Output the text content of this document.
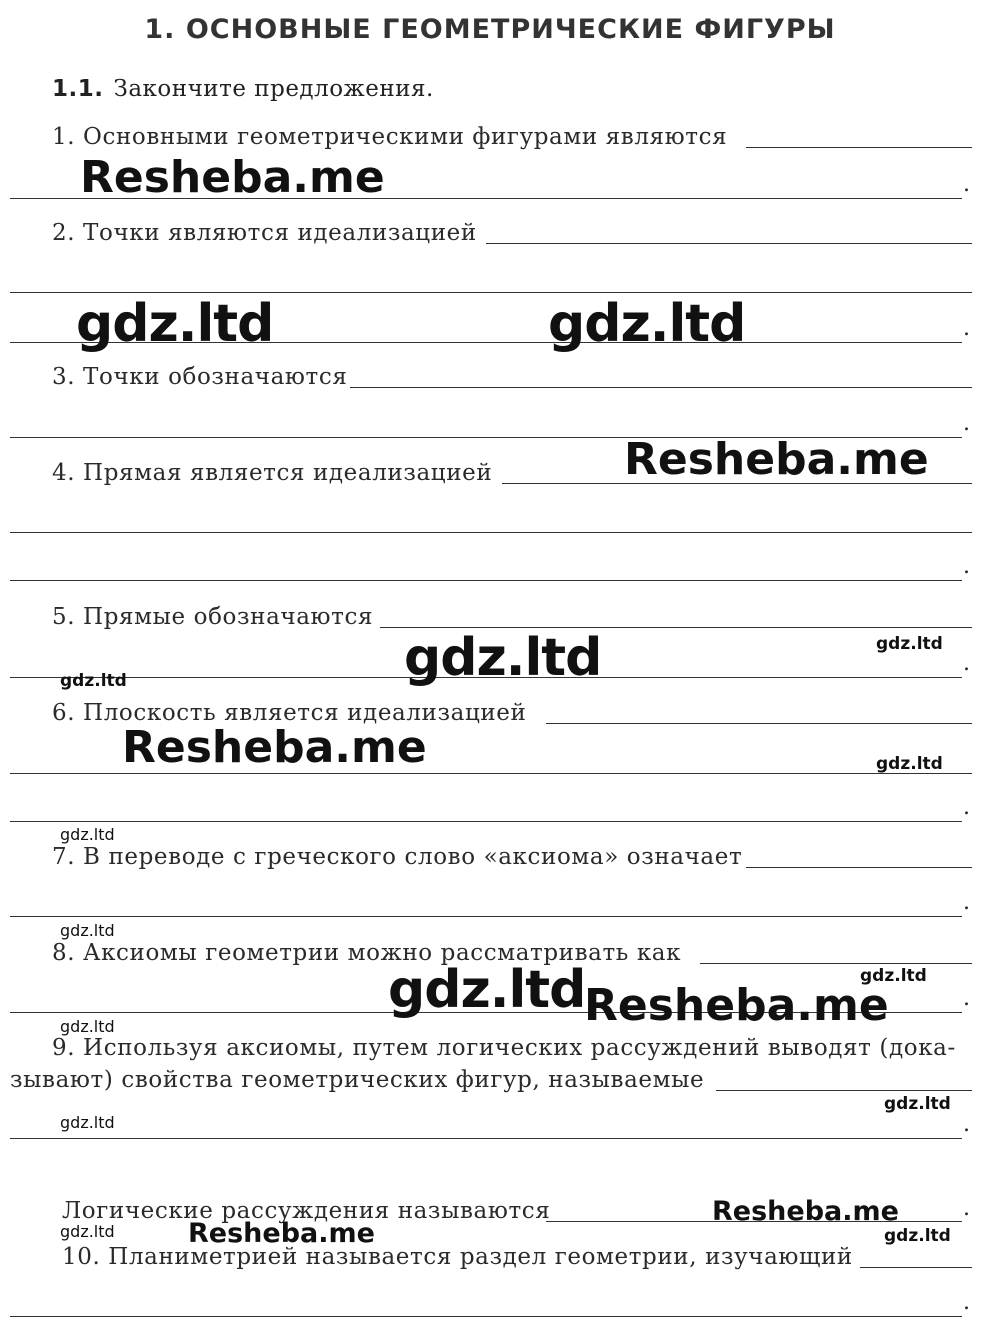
1. ОСНОВНЫЕ ГЕОМЕТРИЧЕСКИЕ ФИГУРЫ
1.1. Закончите предложения.
1. Основными геометрическими фигурами являются
.
2. Точки являются идеализацией
.
3. Точки обозначаются
.
4. Прямая является идеализацией
.
5. Прямые обозначаются
.
6. Плоскость является идеализацией
.
7. В переводе с греческого слово «аксиома» означает
.
8. Аксиомы геометрии можно рассматривать как
.
9. Используя аксиомы, путем логических рассуждений выводят (дока-
зывают) свойства геометрических фигур, называемые
.
Логические рассуждения называются	.
10. Планиметрией называется раздел геометрии, изучающий
.
Resheba.me
gdz.ltd	gdz.ltd
Resheba.me
gdz.ltd	gdz.ltd
gdz.ltd
Resheba.me	gdz.ltd
gdz.ltd
gdz.ltd
gdz.ltd	gdz.ltd
Resheba.me
gdz.ltd
gdz.ltd
gdz.ltd
Resheba.me
gdz.ltd	Resheba.me	gdz.ltd
